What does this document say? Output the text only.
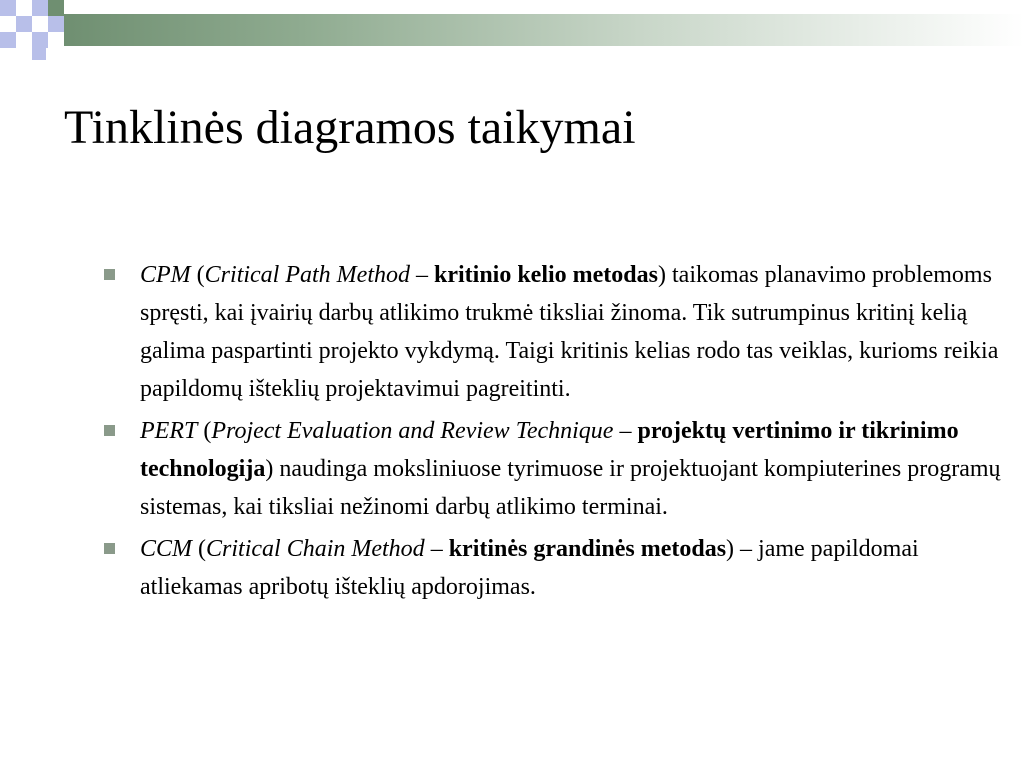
Tinklinės diagramos taikymai
CPM (Critical Path Method – kritinio kelio metodas) taikomas planavimo problemoms spręsti, kai įvairių darbų atlikimo trukmė tiksliai žinoma. Tik sutrumpinus kritinį kelią galima paspartinti projekto vykdymą. Taigi kritinis kelias rodo tas veiklas, kurioms reikia papildomų išteklių projektavimui pagreitinti.
PERT (Project Evaluation and Review Technique – projektų vertinimo ir tikrinimo technologija) naudinga moksliniuose tyrimuose ir projektuojant kompiuterines programų sistemas, kai tiksliai nežinomi darbų atlikimo terminai.
CCM (Critical Chain Method – kritinės grandinės metodas) – jame papildomai atliekamas apribotų išteklių apdorojimas.
